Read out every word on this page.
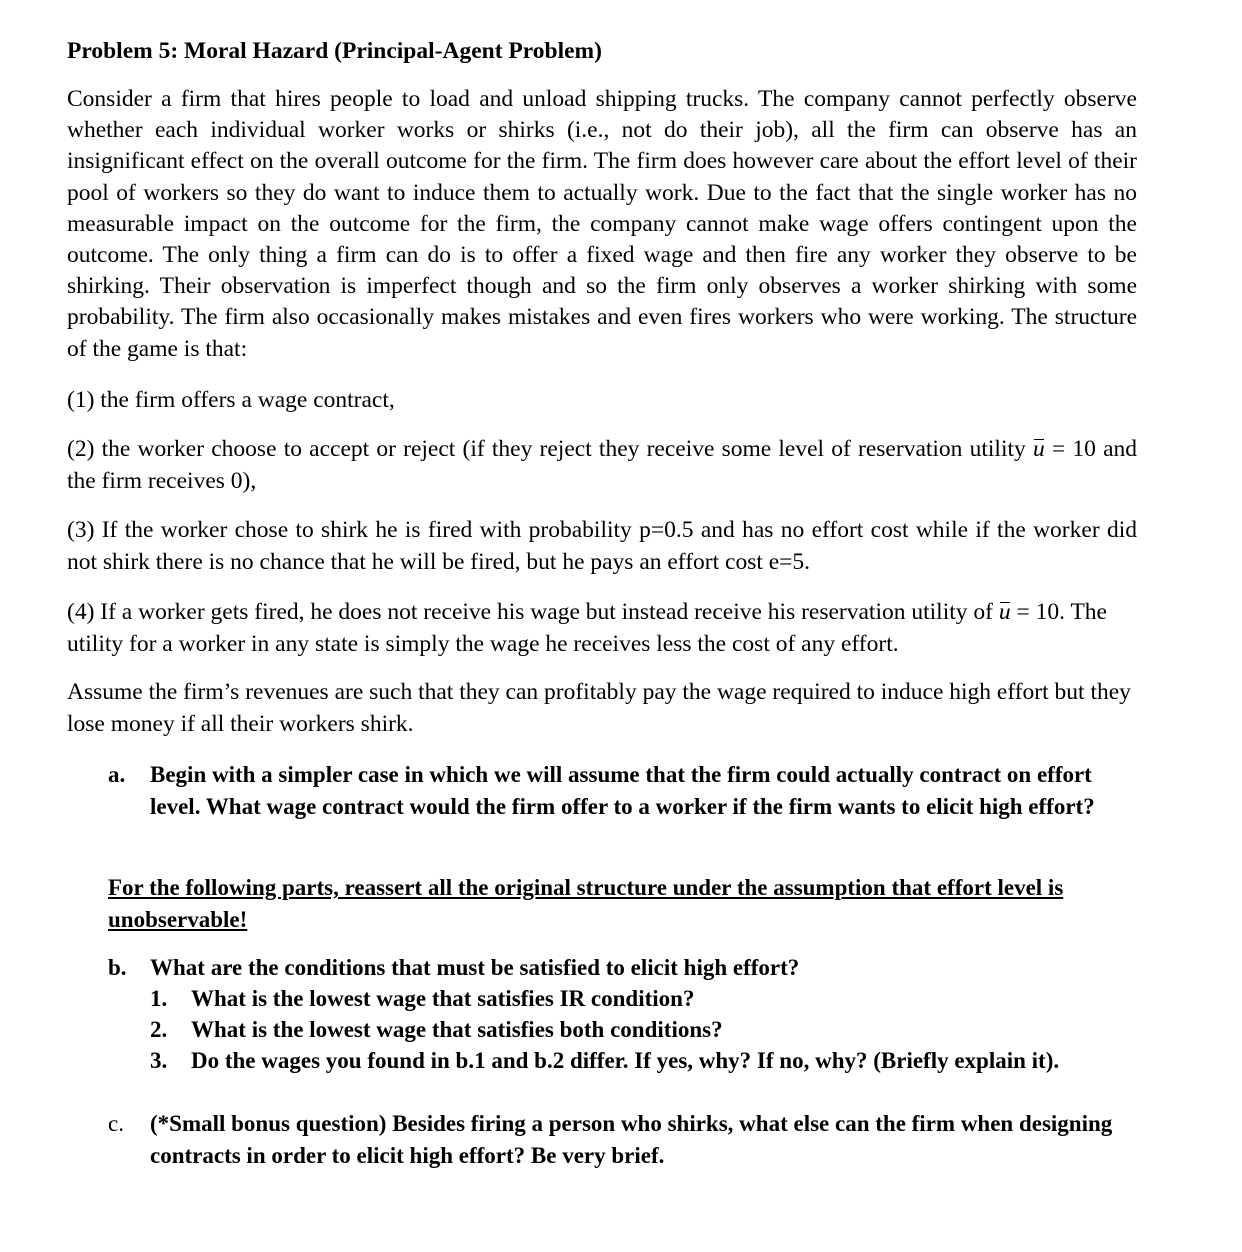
Problem 5: Moral Hazard (Principal-Agent Problem)
Consider a firm that hires people to load and unload shipping trucks. The company cannot perfectly observe whether each individual worker works or shirks (i.e., not do their job), all the firm can observe has an insignificant effect on the overall outcome for the firm. The firm does however care about the effort level of their pool of workers so they do want to induce them to actually work. Due to the fact that the single worker has no measurable impact on the outcome for the firm, the company cannot make wage offers contingent upon the outcome. The only thing a firm can do is to offer a fixed wage and then fire any worker they observe to be shirking. Their observation is imperfect though and so the firm only observes a worker shirking with some probability. The firm also occasionally makes mistakes and even fires workers who were working. The structure of the game is that:
(1) the firm offers a wage contract,
(2) the worker choose to accept or reject (if they reject they receive some level of reservation utility u = 10 and the firm receives 0),
(3) If the worker chose to shirk he is fired with probability p=0.5 and has no effort cost while if the worker did not shirk there is no chance that he will be fired, but he pays an effort cost e=5.
(4) If a worker gets fired, he does not receive his wage but instead receive his reservation utility of u = 10. The utility for a worker in any state is simply the wage he receives less the cost of any effort.
Assume the firm’s revenues are such that they can profitably pay the wage required to induce high effort but they lose money if all their workers shirk.
a. Begin with a simpler case in which we will assume that the firm could actually contract on effort level. What wage contract would the firm offer to a worker if the firm wants to elicit high effort?
For the following parts, reassert all the original structure under the assumption that effort level is unobservable!
b. What are the conditions that must be satisfied to elicit high effort?
1. What is the lowest wage that satisfies IR condition?
2. What is the lowest wage that satisfies both conditions?
3. Do the wages you found in b.1 and b.2 differ. If yes, why? If no, why? (Briefly explain it).
c. (*Small bonus question) Besides firing a person who shirks, what else can the firm when designing contracts in order to elicit high effort? Be very brief.
